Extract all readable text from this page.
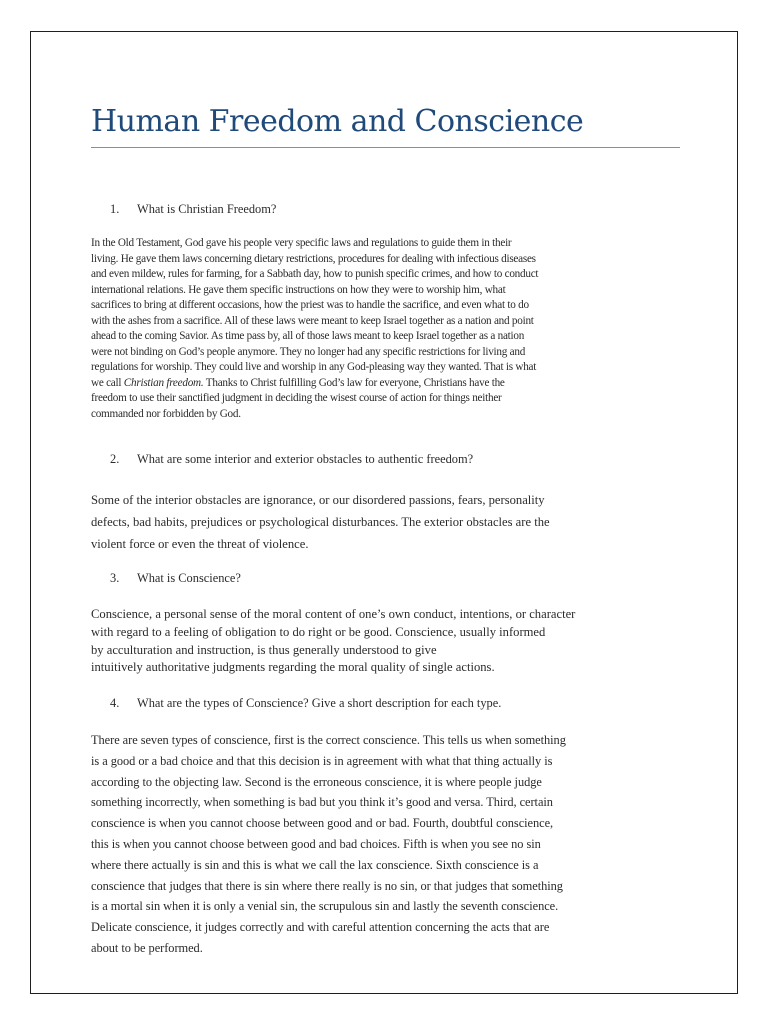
Human Freedom and Conscience
1. What is Christian Freedom?
In the Old Testament, God gave his people very specific laws and regulations to guide them in their
living. He gave them laws concerning dietary restrictions, procedures for dealing with infectious diseases
and even mildew, rules for farming, for a Sabbath day, how to punish specific crimes, and how to conduct
international relations. He gave them specific instructions on how they were to worship him, what
sacrifices to bring at different occasions, how the priest was to handle the sacrifice, and even what to do
with the ashes from a sacrifice. All of these laws were meant to keep Israel together as a nation and point
ahead to the coming Savior. As time pass by, all of those laws meant to keep Israel together as a nation
were not binding on God’s people anymore. They no longer had any specific restrictions for living and
regulations for worship. They could live and worship in any God-pleasing way they wanted. That is what
we call Christian freedom. Thanks to Christ fulfilling God’s law for everyone, Christians have the
freedom to use their sanctified judgment in deciding the wisest course of action for things neither
commanded nor forbidden by God.
2. What are some interior and exterior obstacles to authentic freedom?
Some of the interior obstacles are ignorance, or our disordered passions, fears, personality
defects, bad habits, prejudices or psychological disturbances. The exterior obstacles are the
violent force or even the threat of violence.
3. What is Conscience?
Conscience, a personal sense of the moral content of one’s own conduct, intentions, or character
with regard to a feeling of obligation to do right or be good. Conscience, usually informed
by acculturation and instruction, is thus generally understood to give
intuitively authoritative judgments regarding the moral quality of single actions.
4. What are the types of Conscience? Give a short description for each type.
There are seven types of conscience, first is the correct conscience. This tells us when something
is a good or a bad choice and that this decision is in agreement with what that thing actually is
according to the objecting law. Second is the erroneous conscience, it is where people judge
something incorrectly, when something is bad but you think it’s good and versa. Third, certain
conscience is when you cannot choose between good and or bad. Fourth, doubtful conscience,
this is when you cannot choose between good and bad choices. Fifth is when you see no sin
where there actually is sin and this is what we call the lax conscience. Sixth conscience is a
conscience that judges that there is sin where there really is no sin, or that judges that something
is a mortal sin when it is only a venial sin, the scrupulous sin and lastly the seventh conscience.
Delicate conscience, it judges correctly and with careful attention concerning the acts that are
about to be performed.
